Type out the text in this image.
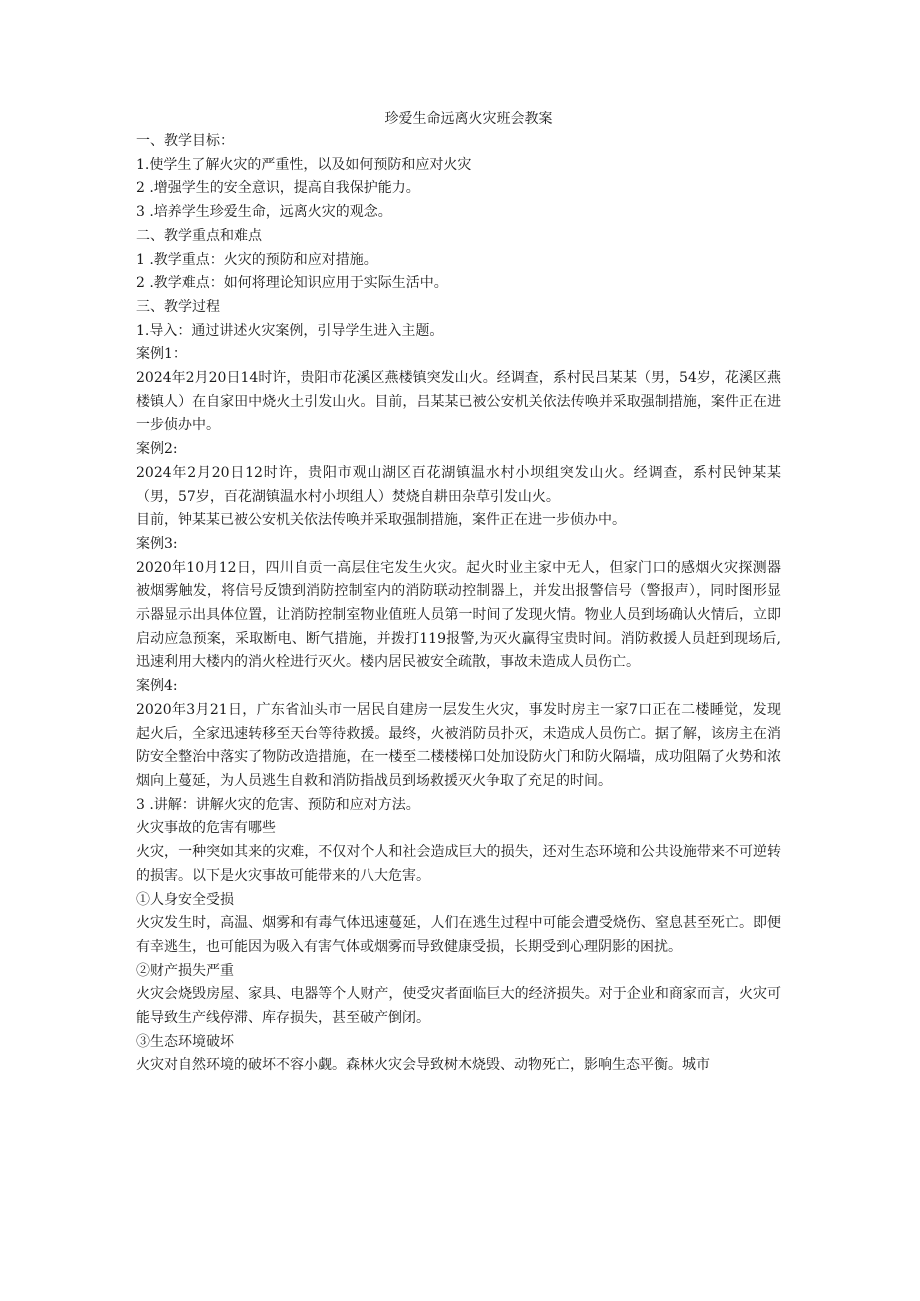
珍爱生命远离火灾班会教案

一、教学目标：

1.使学生了解火灾的严重性，以及如何预防和应对火灾

2 .增强学生的安全意识，提高自我保护能力。

3 .培养学生珍爱生命，远离火灾的观念。

二、教学重点和难点

1 .教学重点：火灾的预防和应对措施。

2 .教学难点：如何将理论知识应用于实际生活中。

三、教学过程

1.导入：通过讲述火灾案例，引导学生进入主题。

案例1：

2024年2月20日14时许，贵阳市花溪区燕楼镇突发山火。经调查，系村民吕某某（男，54岁，花溪区燕楼镇人）在自家田中烧火土引发山火。目前，吕某某已被公安机关依法传唤并采取强制措施，案件正在进一步侦办中。

案例2:

2024年2月20日12时许，贵阳市观山湖区百花湖镇温水村小坝组突发山火。经调查，系村民钟某某（男，57岁，百花湖镇温水村小坝组人）焚烧自耕田杂草引发山火。

目前，钟某某已被公安机关依法传唤并采取强制措施，案件正在进一步侦办中。

案例3:

2020年10月12日，四川自贡一高层住宅发生火灾。起火时业主家中无人，但家门口的感烟火灾探测器被烟雾触发，将信号反馈到消防控制室内的消防联动控制器上，并发出报警信号（警报声），同时图形显示器显示出具体位置，让消防控制室物业值班人员第一时间了发现火情。物业人员到场确认火情后，立即启动应急预案，采取断电、断气措施，并拨打119报警,为灭火赢得宝贵时间。消防救援人员赶到现场后,迅速利用大楼内的消火栓进行灭火。楼内居民被安全疏散，事故未造成人员伤亡。

案例4:

2020年3月21日，广东省汕头市一居民自建房一层发生火灾，事发时房主一家7口正在二楼睡觉，发现起火后，全家迅速转移至天台等待救援。最终，火被消防员扑灭，未造成人员伤亡。据了解，该房主在消防安全整治中落实了物防改造措施，在一楼至二楼楼梯口处加设防火门和防火隔墙，成功阻隔了火势和浓烟向上蔓延，为人员逃生自救和消防指战员到场救援灭火争取了充足的时间。

3 .讲解：讲解火灾的危害、预防和应对方法。

火灾事故的危害有哪些

火灾，一种突如其来的灾难，不仅对个人和社会造成巨大的损失，还对生态环境和公共设施带来不可逆转的损害。以下是火灾事故可能带来的八大危害。

①人身安全受损

火灾发生时，高温、烟雾和有毒气体迅速蔓延，人们在逃生过程中可能会遭受烧伤、窒息甚至死亡。即便有幸逃生，也可能因为吸入有害气体或烟雾而导致健康受损，长期受到心理阴影的困扰。

②财产损失严重

火灾会烧毁房屋、家具、电器等个人财产，使受灾者面临巨大的经济损失。对于企业和商家而言，火灾可能导致生产线停滞、库存损失，甚至破产倒闭。

③生态环境破坏

火灾对自然环境的破坏不容小觑。森林火灾会导致树木烧毁、动物死亡，影响生态平衡。城市
